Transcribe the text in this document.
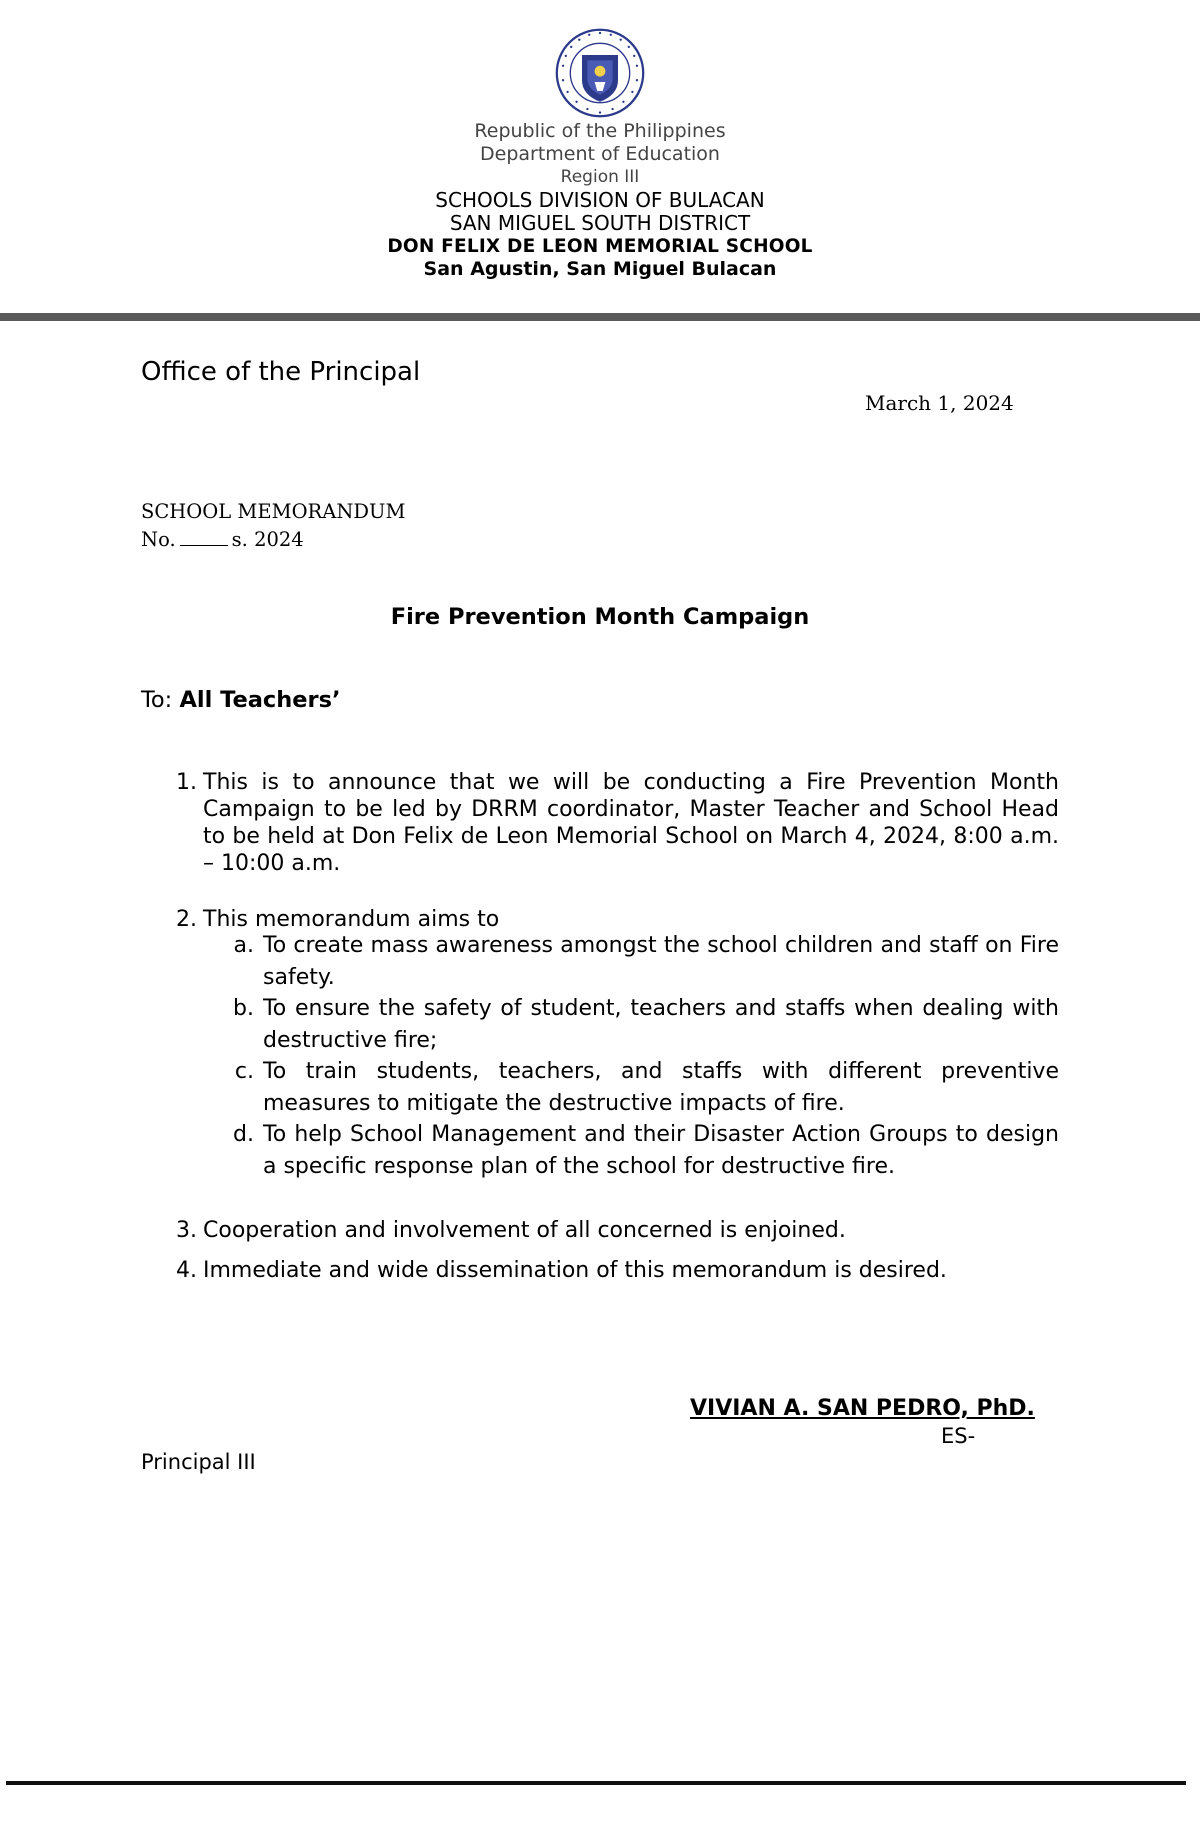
Republic of the Philippines
Department of Education
Region III
SCHOOLS DIVISION OF BULACAN
SAN MIGUEL SOUTH DISTRICT
DON FELIX DE LEON MEMORIAL SCHOOL
San Agustin, San Miguel Bulacan
Office of the Principal
March 1, 2024
SCHOOL MEMORANDUM
No.	s. 2024
Fire Prevention Month Campaign
To: All Teachers’
1. This is to announce that we will be conducting a Fire Prevention Month Campaign to be led by DRRM coordinator, Master Teacher and School Head to be held at Don Felix de Leon Memorial School on March 4, 2024, 8:00 a.m. – 10:00 a.m.
2. This memorandum aims to
a. To create mass awareness amongst the school children and staff on Fire safety.
b. To ensure the safety of student, teachers and staffs when dealing with destructive fire;
c. To train students, teachers, and staffs with different preventive measures to mitigate the destructive impacts of fire.
d. To help School Management and their Disaster Action Groups to design a specific response plan of the school for destructive fire.
3. Cooperation and involvement of all concerned is enjoined.
4. Immediate and wide dissemination of this memorandum is desired.
VIVIAN A. SAN PEDRO, PhD.
ES-
Principal III
